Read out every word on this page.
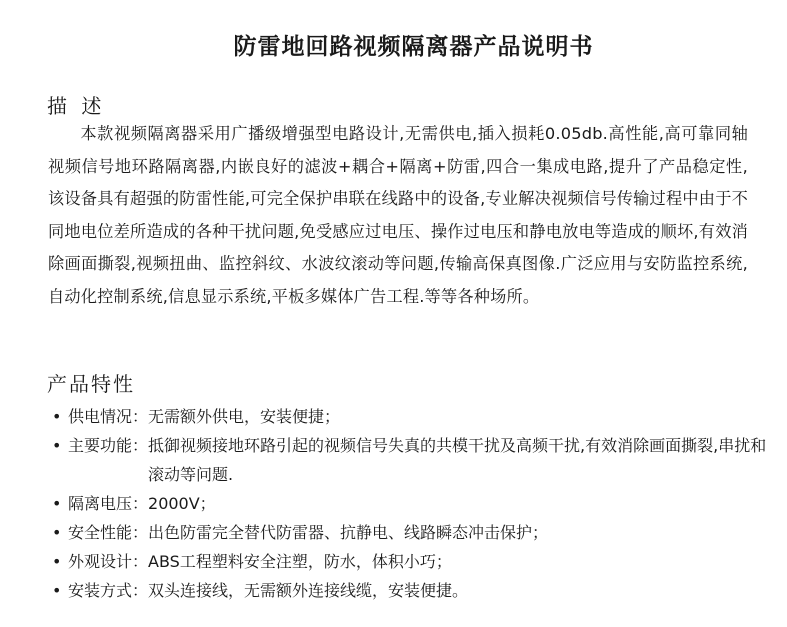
防雷地回路视频隔离器产品说明书
描 述

本款视频隔离器采用广播级增强型电路设计,无需供电,插入损耗0.05db.高性能,高可靠同轴视频信号地环路隔离器,内嵌良好的滤波+耦合+隔离+防雷,四合一集成电路,提升了产品稳定性,该设备具有超强的防雷性能,可完全保护串联在线路中的设备,专业解决视频信号传输过程中由于不同地电位差所造成的各种干扰问题,免受感应过电压、操作过电压和静电放电等造成的顺坏,有效消除画面撕裂,视频扭曲、监控斜纹、水波纹滚动等问题,传输高保真图像.广泛应用与安防监控系统,自动化控制系统,信息显示系统,平板多媒体广告工程.等等各种场所。

产品特性
• 供电情况： 无需额外供电，安装便捷；
• 主要功能： 抵御视频接地环路引起的视频信号失真的共模干扰及高频干扰,有效消除画面撕裂,串扰和滚动等问题.
• 隔离电压： 2000V；
• 安全性能： 出色防雷完全替代防雷器、抗静电、线路瞬态冲击保护；
• 外观设计： ABS工程塑料安全注塑，防水，体积小巧；
• 安装方式： 双头连接线，无需额外连接线缆，安装便捷。
